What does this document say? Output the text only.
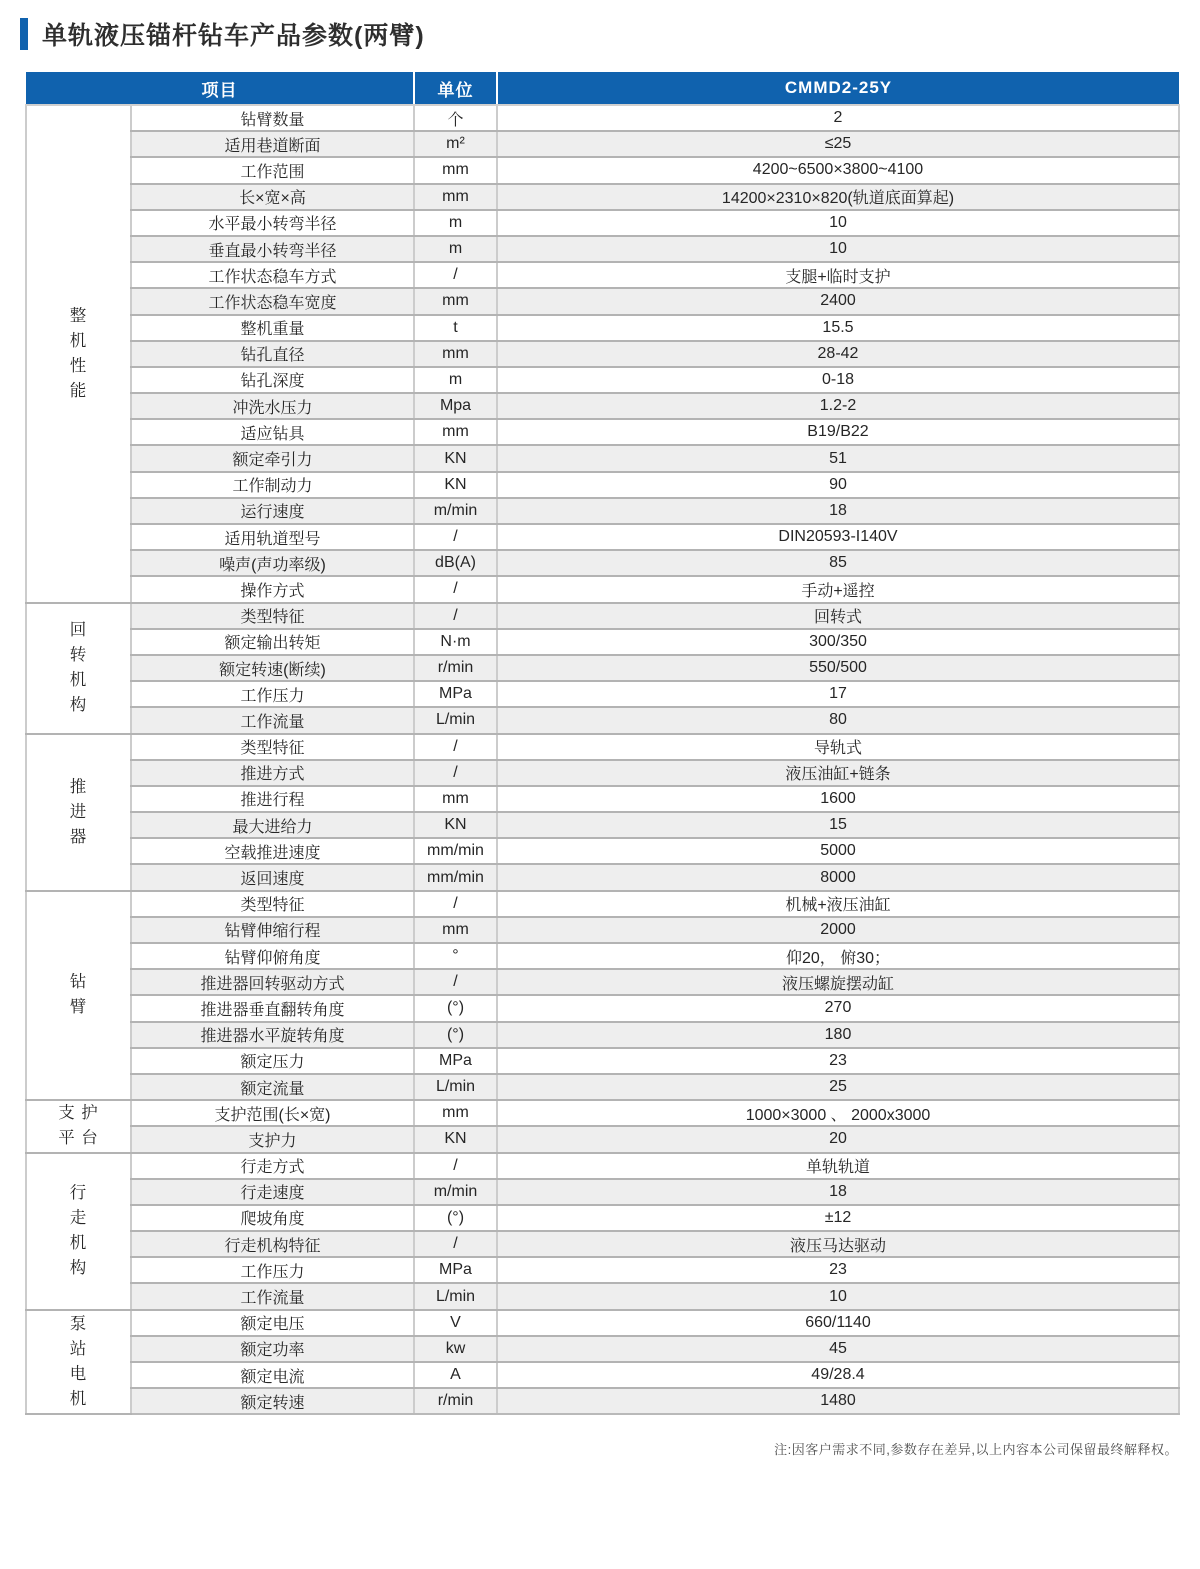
单轨液压锚杆钻车产品参数(两臂)
项目		单位	CMMD2-25Y

整
机
性
能	钻臂数量	个	2
	适用巷道断面	m²	≤25
	工作范围	mm	4200~6500×3800~4100
	长×宽×高	mm	14200×2310×820(轨道底面算起)
	水平最小转弯半径	m	10
	垂直最小转弯半径	m	10
	工作状态稳车方式	/	支腿+临时支护
	工作状态稳车宽度	mm	2400
	整机重量	t	15.5
	钻孔直径	mm	28-42
	钻孔深度	m	0-18
	冲洗水压力	Mpa	1.2-2
	适应钻具	mm	B19/B22
	额定牵引力	KN	51
	工作制动力	KN	90
	运行速度	m/min	18
	适用轨道型号	/	DIN20593-I140V
	噪声(声功率级)	dB(A)	85
	操作方式	/	手动+遥控

回
转
机
构	类型特征	/	回转式
	额定输出转矩	N·m	300/350
	额定转速(断续)	r/min	550/500
	工作压力	MPa	17
	工作流量	L/min	80

推
进
器	类型特征	/	导轨式
	推进方式	/	液压油缸+链条
	推进行程	mm	1600
	最大进给力	KN	15
	空载推进速度	mm/min	5000
	返回速度	mm/min	8000

钻
臂	类型特征	/	机械+液压油缸
	钻臂伸缩行程	mm	2000
	钻臂仰俯角度	°	仰20， 俯30；
	推进器回转驱动方式	/	液压螺旋摆动缸
	推进器垂直翻转角度	(°)	270
	推进器水平旋转角度	(°)	180
	额定压力	MPa	23
	额定流量	L/min	25

支 护
平 台	支护范围(长×宽)	mm	1000×3000 、 2000x3000
	支护力	KN	20

行
走
机
构	行走方式	/	单轨轨道
	行走速度	m/min	18
	爬坡角度	(°)	±12
	行走机构特征	/	液压马达驱动
	工作压力	MPa	23
	工作流量	L/min	10

泵
站
电
机	额定电压	V	660/1140
	额定功率	kw	45
	额定电流	A	49/28.4
	额定转速	r/min	1480
注:因客户需求不同,参数存在差异,以上内容本公司保留最终解释权。
